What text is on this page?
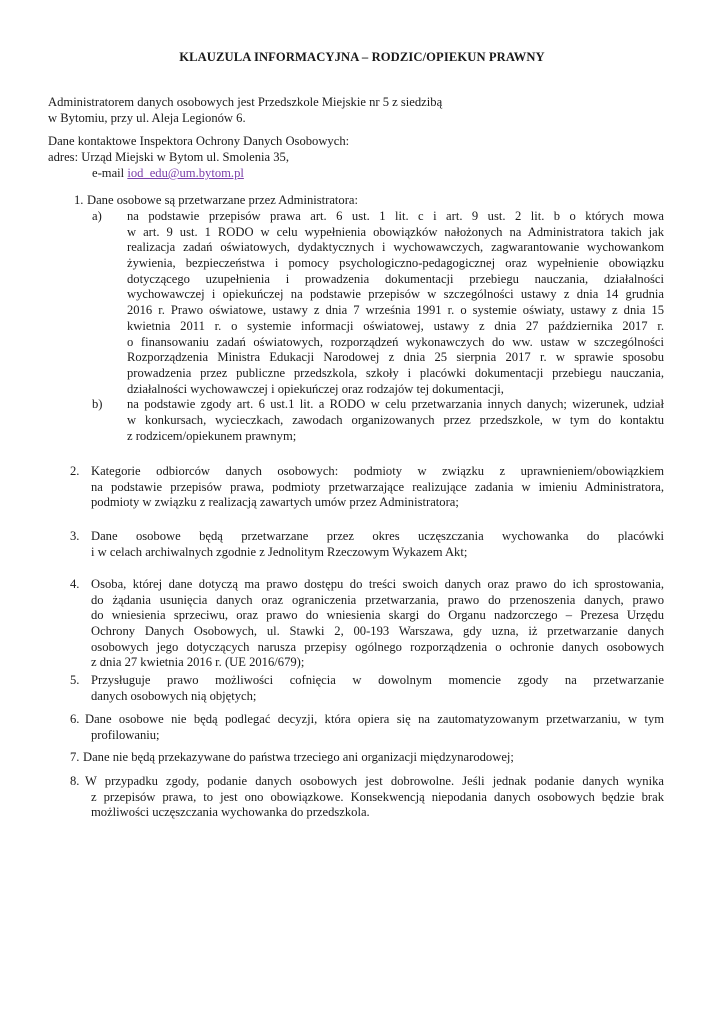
KLAUZULA INFORMACYJNA – RODZIC/OPIEKUN PRAWNY
Administratorem danych osobowych jest Przedszkole Miejskie nr 5 z siedzibą
w Bytomiu, przy ul. Aleja Legionów 6.
Dane kontaktowe Inspektora Ochrony Danych Osobowych:
adres: Urząd Miejski w Bytom ul. Smolenia 35,
e-mail iod_edu@um.bytom.pl
1. Dane osobowe są przetwarzane przez Administratora:
a) na podstawie przepisów prawa art. 6 ust. 1 lit. c i art. 9 ust. 2 lit. b o których mowa
w art. 9 ust. 1 RODO w celu wypełnienia obowiązków nałożonych na Administratora takich jak
realizacja zadań oświatowych, dydaktycznych i wychowawczych, zagwarantowanie wychowankom
żywienia, bezpieczeństwa i pomocy psychologiczno-pedagogicznej oraz wypełnienie obowiązku
dotyczącego uzupełnienia i prowadzenia dokumentacji przebiegu nauczania, działalności
wychowawczej i opiekuńczej na podstawie przepisów w szczególności ustawy z dnia 14 grudnia
2016 r. Prawo oświatowe, ustawy z dnia 7 września 1991 r. o systemie oświaty, ustawy z dnia 15
kwietnia 2011 r. o systemie informacji oświatowej, ustawy z dnia 27 października 2017 r.
o finansowaniu zadań oświatowych, rozporządzeń wykonawczych do ww. ustaw w szczególności
Rozporządzenia Ministra Edukacji Narodowej z dnia 25 sierpnia 2017 r. w sprawie sposobu
prowadzenia przez publiczne przedszkola, szkoły i placówki dokumentacji przebiegu nauczania,
działalności wychowawczej i opiekuńczej oraz rodzajów tej dokumentacji,
na podstawie zgody art. 6 ust.1 lit. a RODO w celu przetwarzania innych danych; wizerunek, udział
w konkursach, wycieczkach, zawodach organizowanych przez przedszkole, w tym do kontaktu
z rodzicem/opiekunem prawnym;
b)
2. Kategorie odbiorców danych osobowych: podmioty w związku z uprawnieniem/obowiązkiem
na podstawie przepisów prawa, podmioty przetwarzające realizujące zadania w imieniu Administratora,
podmioty w związku z realizacją zawartych umów przez Administratora;
3. Dane osobowe będą przetwarzane przez okres uczęszczania wychowanka do placówki
i w celach archiwalnych zgodnie z Jednolitym Rzeczowym Wykazem Akt;
4. Osoba, której dane dotyczą ma prawo dostępu do treści swoich danych oraz prawo do ich sprostowania,
do żądania usunięcia danych oraz ograniczenia przetwarzania, prawo do przenoszenia danych, prawo
do wniesienia sprzeciwu, oraz prawo do wniesienia skargi do Organu nadzorczego – Prezesa Urzędu
Ochrony Danych Osobowych, ul. Stawki 2, 00-193 Warszawa, gdy uzna, iż przetwarzanie danych
osobowych jego dotyczących narusza przepisy ogólnego rozporządzenia o ochronie danych osobowych
z dnia 27 kwietnia 2016 r. (UE 2016/679);
5. Przysługuje prawo możliwości cofnięcia w dowolnym momencie zgody na przetwarzanie
danych osobowych nią objętych;
6. Dane osobowe nie będą podlegać decyzji, która opiera się na zautomatyzowanym przetwarzaniu, w tym
profilowaniu;
7. Dane nie będą przekazywane do państwa trzeciego ani organizacji międzynarodowej;
8. W przypadku zgody, podanie danych osobowych jest dobrowolne. Jeśli jednak podanie danych wynika
z przepisów prawa, to jest ono obowiązkowe. Konsekwencją niepodania danych osobowych będzie brak
możliwości uczęszczania wychowanka do przedszkola.
